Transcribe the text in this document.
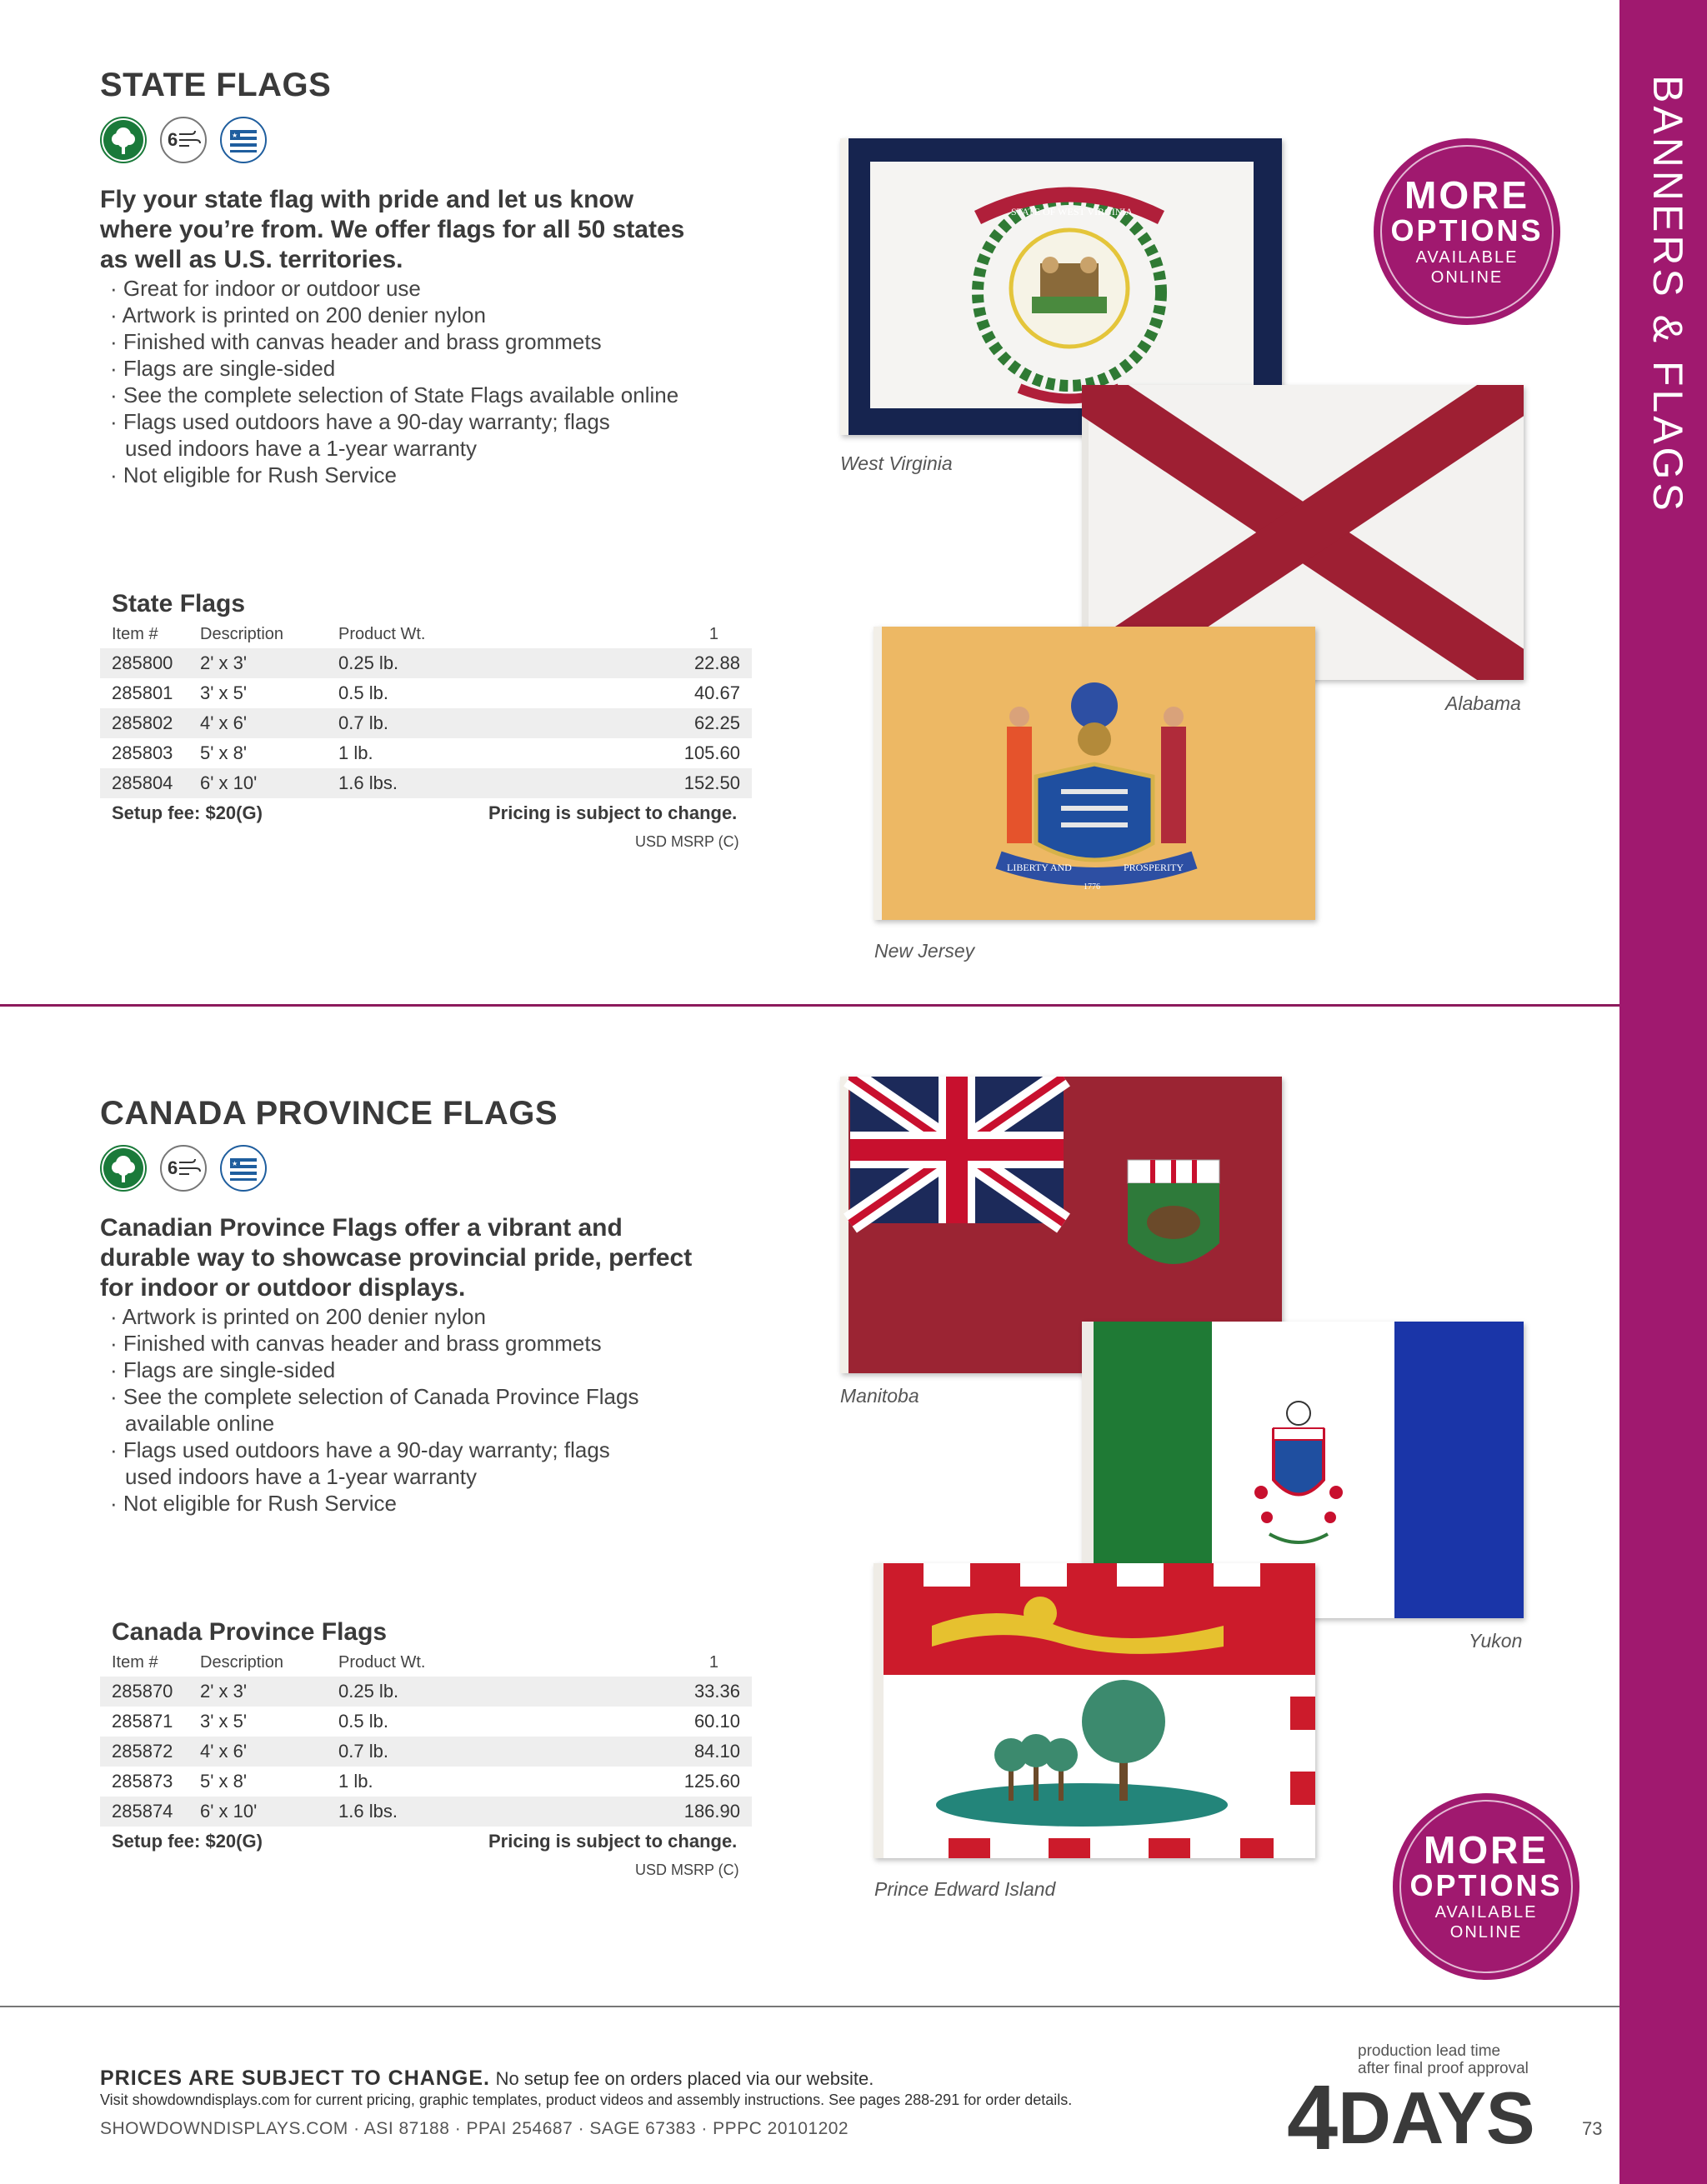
BANNERS & FLAGS
STATE FLAGS
6	★
Fly your state flag with pride and let us know where you’re from. We offer flags for all 50 states as well as U.S. territories.
· Great for indoor or outdoor use
· Artwork is printed on 200 denier nylon
· Finished with canvas header and brass grommets
· Flags are single-sided
· See the complete selection of State Flags available online
· Flags used outdoors have a 90-day warranty; flags used indoors have a 1-year warranty
· Not eligible for Rush Service
State Flags
Item #	Description	Product Wt.	1
285800	2' x 3'	0.25 lb.	22.88
285801	3' x 5'	0.5 lb.	40.67
285802	4' x 6'	0.7 lb.	62.25
285803	5' x 8'	1 lb.	105.60
285804	6' x 10'	1.6 lbs.	152.50
Setup fee: $20(G)	Pricing is subject to change.
USD MSRP (C)
STATE OF WEST VIRGINIA
West Virginia
Alabama
LIBERTY AND	PROSPERITY
1776
New Jersey
MORE
OPTIONS
AVAILABLE
ONLINE
CANADA PROVINCE FLAGS
6	★
Canadian Province Flags offer a vibrant and durable way to showcase provincial pride, perfect for indoor or outdoor displays.
· Artwork is printed on 200 denier nylon
· Finished with canvas header and brass grommets
· Flags are single-sided
· See the complete selection of Canada Province Flags available online
· Flags used outdoors have a 90-day warranty; flags used indoors have a 1-year warranty
· Not eligible for Rush Service
Canada Province Flags
Item #	Description	Product Wt.	1
285870	2' x 3'	0.25 lb.	33.36
285871	3' x 5'	0.5 lb.	60.10
285872	4' x 6'	0.7 lb.	84.10
285873	5' x 8'	1 lb.	125.60
285874	6' x 10'	1.6 lbs.	186.90
Setup fee: $20(G)	Pricing is subject to change.
USD MSRP (C)
Manitoba
Yukon
Prince Edward Island
MORE
OPTIONS
AVAILABLE
ONLINE
PRICES ARE SUBJECT TO CHANGE. No setup fee on orders placed via our website.
Visit showdowndisplays.com for current pricing, graphic templates, product videos and assembly instructions. See pages 288-291 for order details.
SHOWDOWNDISPLAYS.COM · ASI 87188 · PPAI 254687 · SAGE 67383 · PPPC 20101202
production lead time
after final proof approval
4 DAYS	73
